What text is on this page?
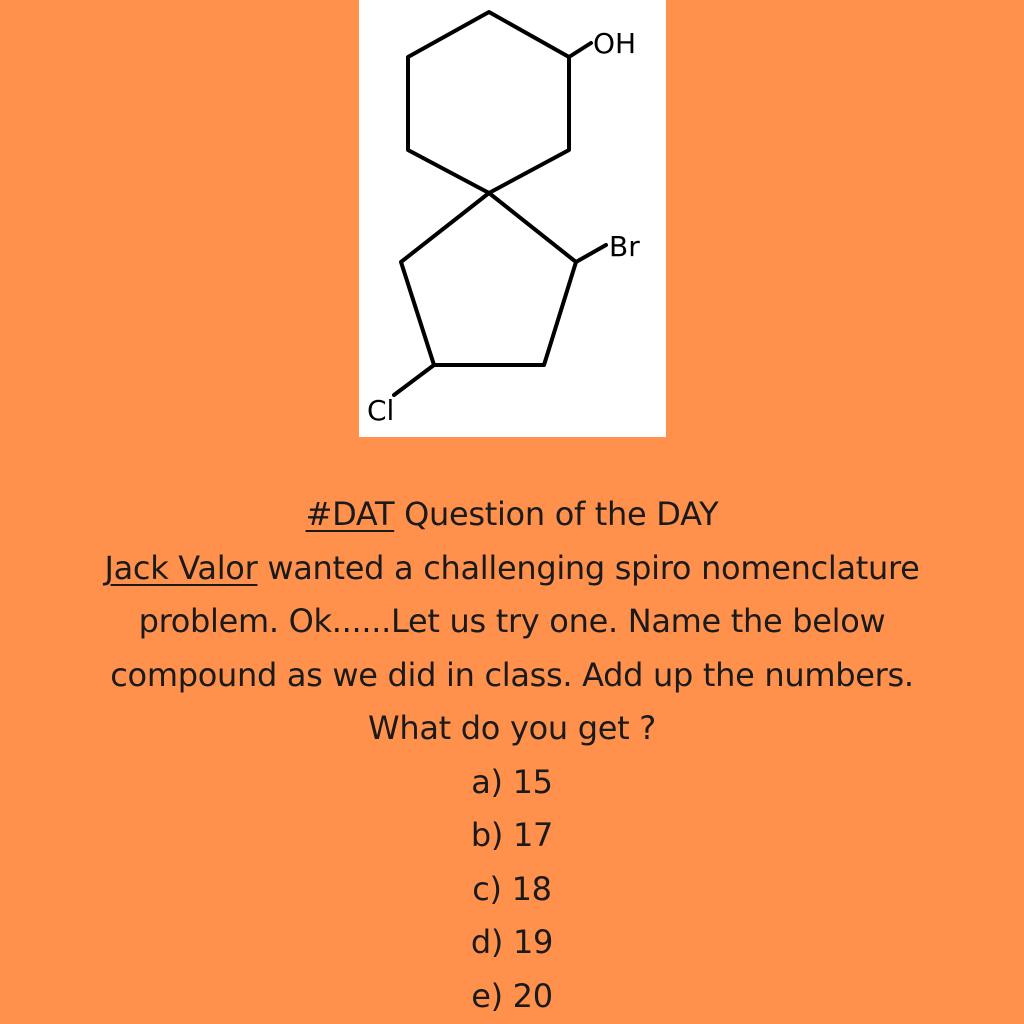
OH
Br
Cl
#DAT Question of the DAY
Jack Valor wanted a challenging spiro nomenclature
problem. Ok......Let us try one. Name the below
compound as we did in class. Add up the numbers.
What do you get ?
a) 15
b) 17
c) 18
d) 19
e) 20
